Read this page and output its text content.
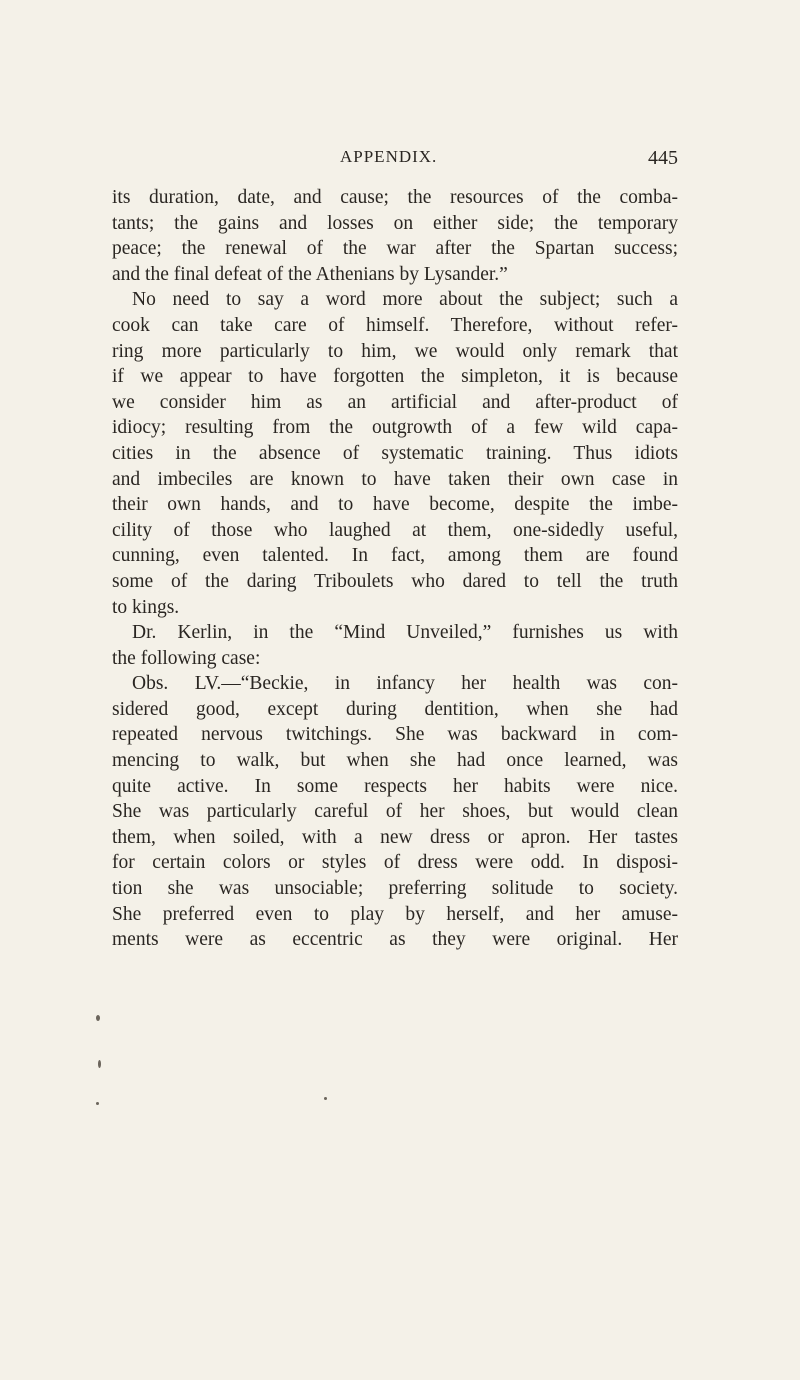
APPENDIX.	445
its duration, date, and cause; the resources of the comba-
tants; the gains and losses on either side; the temporary
peace; the renewal of the war after the Spartan success;
and the final defeat of the Athenians by Lysander.”
No need to say a word more about the subject; such a
cook can take care of himself. Therefore, without refer-
ring more particularly to him, we would only remark that
if we appear to have forgotten the simpleton, it is because
we consider him as an artificial and after-product of
idiocy; resulting from the outgrowth of a few wild capa-
cities in the absence of systematic training. Thus idiots
and imbeciles are known to have taken their own case in
their own hands, and to have become, despite the imbe-
cility of those who laughed at them, one-sidedly useful,
cunning, even talented. In fact, among them are found
some of the daring Triboulets who dared to tell the truth
to kings.
Dr. Kerlin, in the “Mind Unveiled,” furnishes us with
the following case:
Obs. LV.—“Beckie, in infancy her health was con-
sidered good, except during dentition, when she had
repeated nervous twitchings. She was backward in com-
mencing to walk, but when she had once learned, was
quite active. In some respects her habits were nice.
She was particularly careful of her shoes, but would clean
them, when soiled, with a new dress or apron. Her tastes
for certain colors or styles of dress were odd. In disposi-
tion she was unsociable; preferring solitude to society.
She preferred even to play by herself, and her amuse-
ments were as eccentric as they were original. Her
